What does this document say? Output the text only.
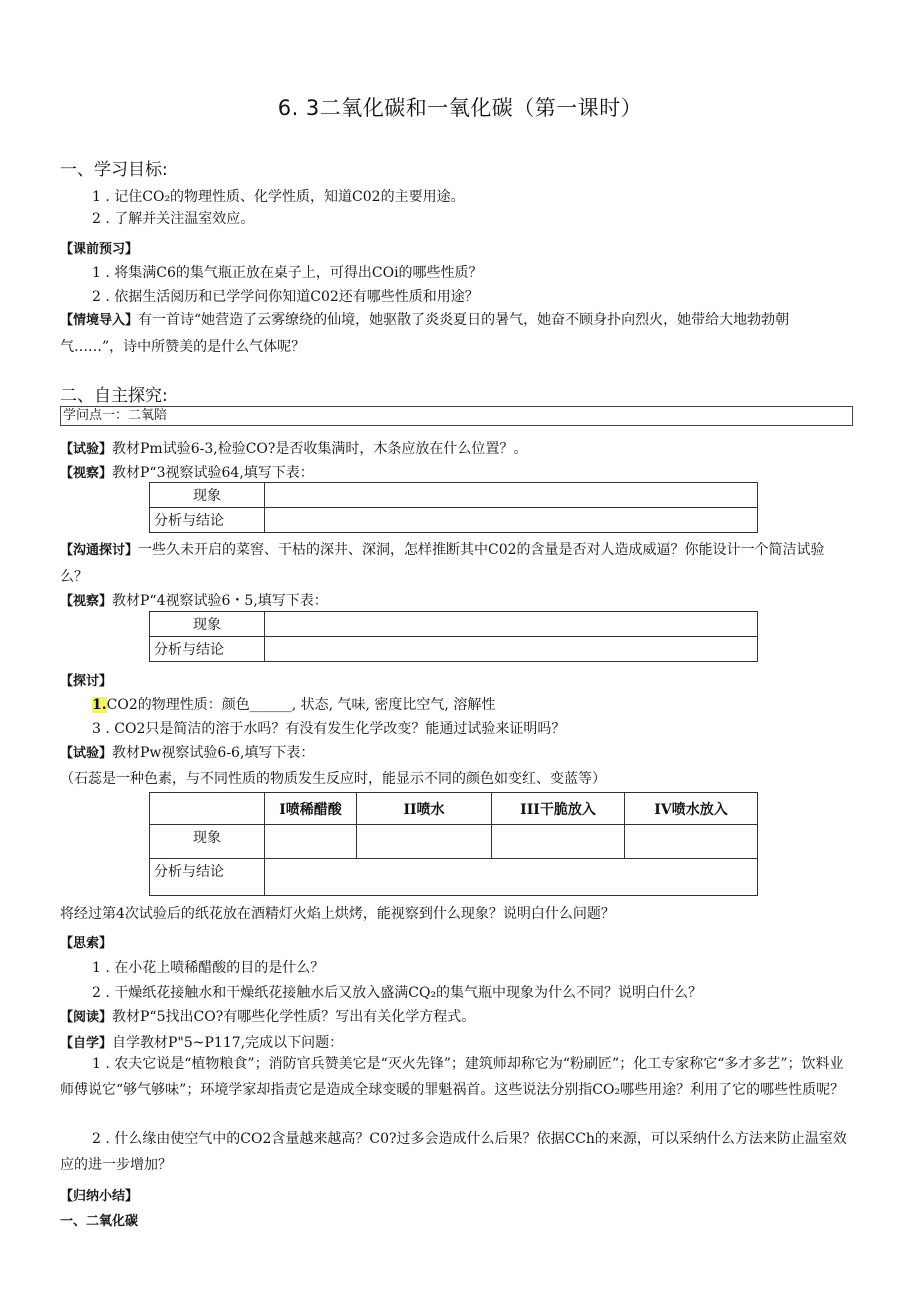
6. 3二氧化碳和一氧化碳（第一课时）
一、学习目标:
1 . 记住CO₂的物理性质、化学性质，知道C02的主要用途。
2 . 了解并关注温室效应。
【课前预习】
1 . 将集满C6的集气瓶正放在桌子上，可得出COi的哪些性质？
2 . 依据生活阅历和已学学问你知道C02还有哪些性质和用途？
【情境导入】有一首诗“她营造了云雾缭绕的仙境，她驱散了炎炎夏日的暑气，她奋不顾身扑向烈火，她带给大地勃勃朝气……”，诗中所赞美的是什么气体呢？
二、自主探究:
学问点一：二氧陪
【试验】教材Pm试验6-3,检验CO?是否收集满时，木条应放在什么位置？。
【视察】教材P“3视察试验64,填写下表：
现象	
分析与结论	
【沟通探讨】一些久未开启的菜窖、干枯的深井、深洞，怎样推断其中C02的含量是否对人造成威逼？你能设计一个简洁试验么？
【视察】教材P“4视察试验6・5,填写下表：
现象	
分析与结论	
【探讨】
1.CO2的物理性质：颜色______, 状态, 气味, 密度比空气, 溶解性
3 . CO2只是简洁的溶于水吗？有没有发生化学改变？能通过试验来证明吗？
【试验】教材Pw视察试验6-6,填写下表：
（石蕊是一种色素，与不同性质的物质发生反应时，能显示不同的颜色如变红、变蓝等）
	I喷稀醋酸	II喷水	III干脆放入	IV喷水放入
现象				
分析与结论				
将经过第4次试验后的纸花放在酒精灯火焰上烘烤，能视察到什么现象？说明白什么问题？
【思索】
1 . 在小花上喷稀醋酸的目的是什么？
2 . 干燥纸花接触水和干燥纸花接触水后又放入盛满CQ₂的集气瓶中现象为什么不同？说明白什么？
【阅读】教材P“5找出CO?有哪些化学性质？写出有关化学方程式。
【自学】自学教材P"5~P117,完成以下问题：
1 . 农夫它说是“植物粮食”；消防官兵赞美它是“灭火先锋”；建筑师却称它为“粉刷匠”；化工专家称它“多才多艺”；饮料业师傅说它“够气够味”；环境学家却指责它是造成全球变暖的罪魁祸首。这些说法分别指CO₂哪些用途？利用了它的哪些性质呢？
2 . 什么缘由使空气中的CO2含量越来越高？C0?过多会造成什么后果？依据CCh的来源，可以采纳什么方法来防止温室效应的进一步增加？
【归纳小结】
一、二氧化碳
